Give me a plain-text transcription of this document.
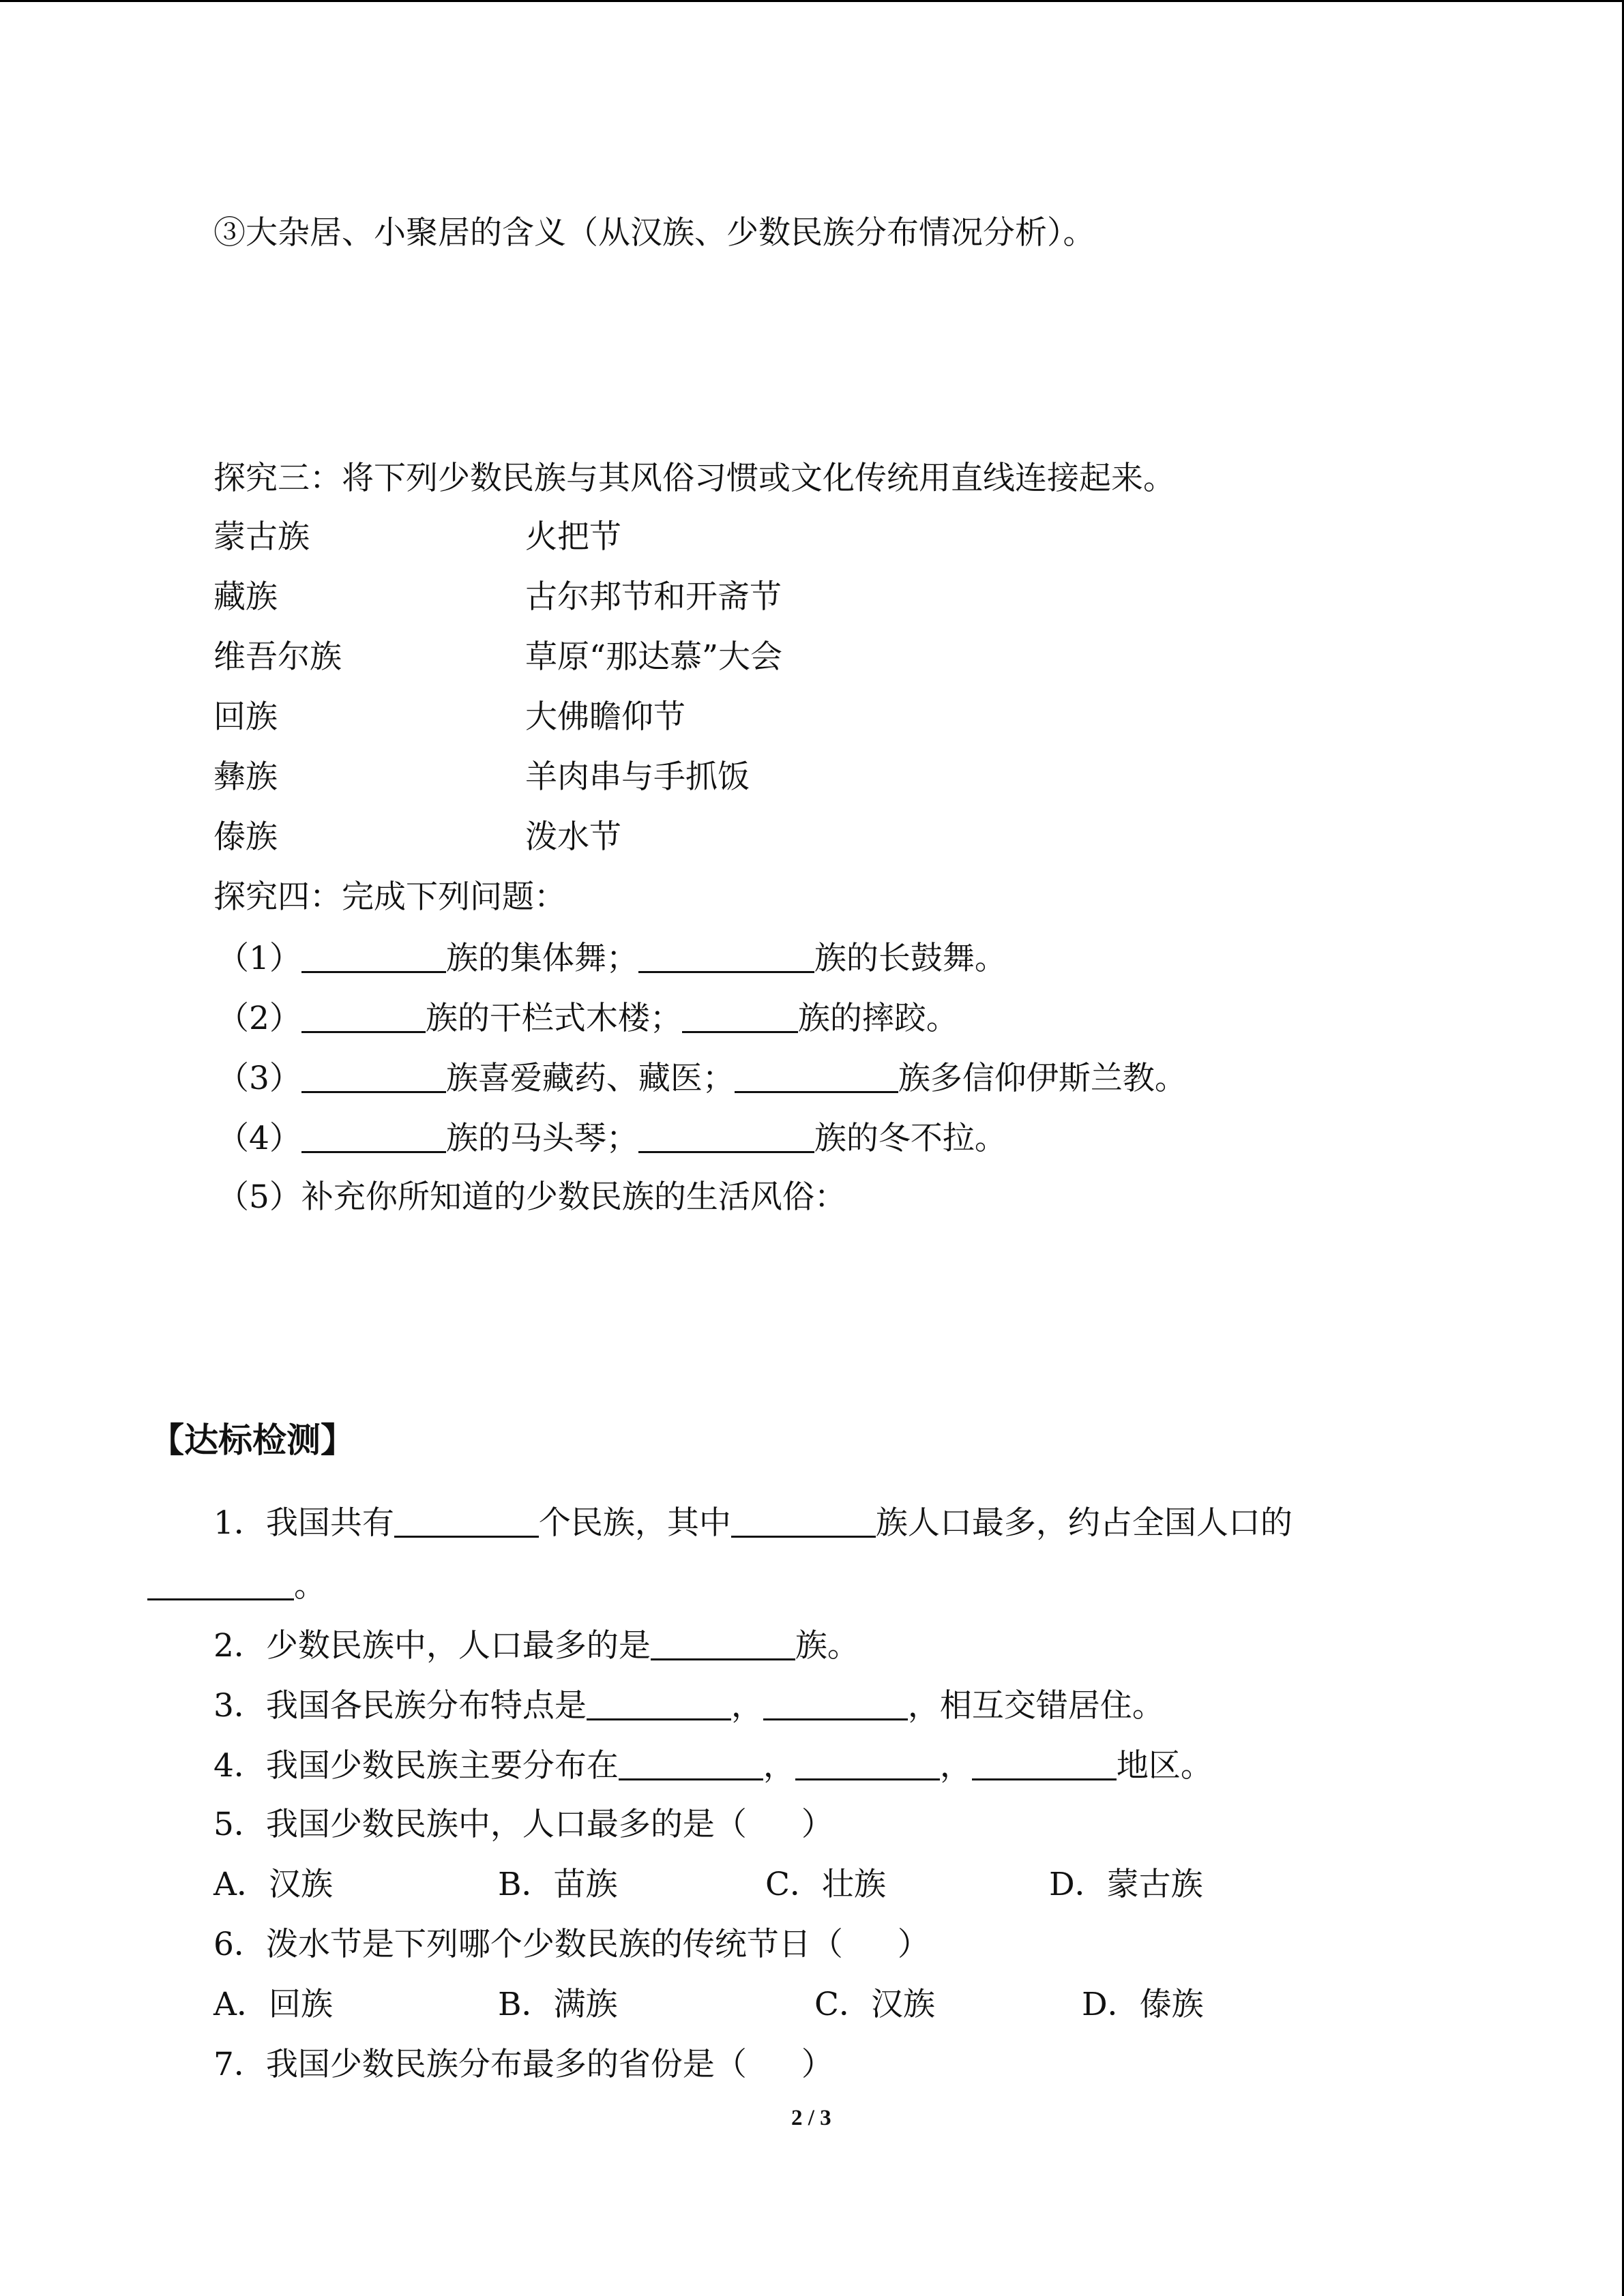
③大杂居、小聚居的含义（从汉族、少数民族分布情况分析）。
探究三：将下列少数民族与其风俗习惯或文化传统用直线连接起来。
蒙古族	火把节
藏族	古尔邦节和开斋节
维吾尔族	草原“那达慕”大会
回族	大佛瞻仰节
彝族	羊肉串与手抓饭
傣族	泼水节
探究四：完成下列问题：
（1）	族的集体舞；	族的长鼓舞。
（2）	族的干栏式木楼；	族的摔跤。
（3）	族喜爱藏药、藏医；	族多信仰伊斯兰教。
（4）	族的马头琴；	族的冬不拉。
（5）补充你所知道的少数民族的生活风俗：
【达标检测】
1．我国共有	个民族，其中	族人口最多，约占全国人口的
。
2．少数民族中，人口最多的是	族。
3．我国各民族分布特点是	，	，相互交错居住。
4．我国少数民族主要分布在	，	，	地区。
5．我国少数民族中，人口最多的是（ ）
A．汉族	B．苗族	C．壮族	D．蒙古族
6．泼水节是下列哪个少数民族的传统节日（ ）
A．回族	B．满族	C．汉族	D．傣族
7．我国少数民族分布最多的省份是（ ）
2 / 3
